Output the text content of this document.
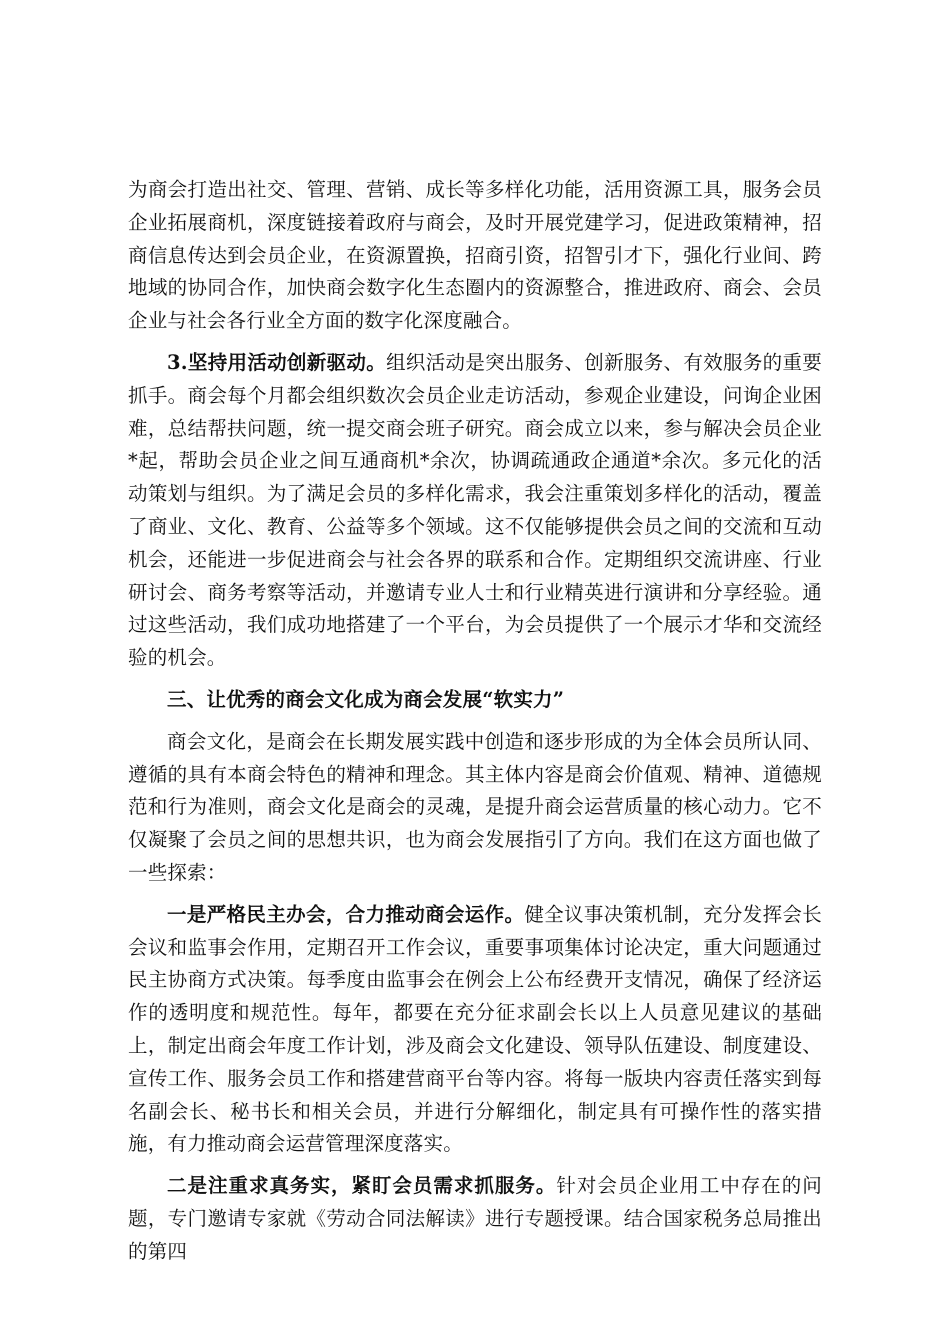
为商会打造出社交、管理、营销、成长等多样化功能，活用资源工具，服务会员企业拓展商机，深度链接着政府与商会，及时开展党建学习，促进政策精神，招商信息传达到会员企业，在资源置换，招商引资，招智引才下，强化行业间、跨地域的协同合作，加快商会数字化生态圈内的资源整合，推进政府、商会、会员企业与社会各行业全方面的数字化深度融合。

3.坚持用活动创新驱动。组织活动是突出服务、创新服务、有效服务的重要抓手。商会每个月都会组织数次会员企业走访活动，参观企业建设，问询企业困难，总结帮扶问题，统一提交商会班子研究。商会成立以来，参与解决会员企业*起，帮助会员企业之间互通商机*余次，协调疏通政企通道*余次。多元化的活动策划与组织。为了满足会员的多样化需求，我会注重策划多样化的活动，覆盖了商业、文化、教育、公益等多个领域。这不仅能够提供会员之间的交流和互动机会，还能进一步促进商会与社会各界的联系和合作。定期组织交流讲座、行业研讨会、商务考察等活动，并邀请专业人士和行业精英进行演讲和分享经验。通过这些活动，我们成功地搭建了一个平台，为会员提供了一个展示才华和交流经验的机会。

三、让优秀的商会文化成为商会发展“软实力”

商会文化，是商会在长期发展实践中创造和逐步形成的为全体会员所认同、遵循的具有本商会特色的精神和理念。其主体内容是商会价值观、精神、道德规范和行为准则，商会文化是商会的灵魂，是提升商会运营质量的核心动力。它不仅凝聚了会员之间的思想共识，也为商会发展指引了方向。我们在这方面也做了一些探索：

一是严格民主办会，合力推动商会运作。健全议事决策机制，充分发挥会长会议和监事会作用，定期召开工作会议，重要事项集体讨论决定，重大问题通过民主协商方式决策。每季度由监事会在例会上公布经费开支情况，确保了经济运作的透明度和规范性。每年，都要在充分征求副会长以上人员意见建议的基础上，制定出商会年度工作计划，涉及商会文化建设、领导队伍建设、制度建设、宣传工作、服务会员工作和搭建营商平台等内容。将每一版块内容责任落实到每名副会长、秘书长和相关会员，并进行分解细化，制定具有可操作性的落实措施，有力推动商会运营管理深度落实。

二是注重求真务实，紧盯会员需求抓服务。针对会员企业用工中存在的问题，专门邀请专家就《劳动合同法解读》进行专题授课。结合国家税务总局推出的第四
